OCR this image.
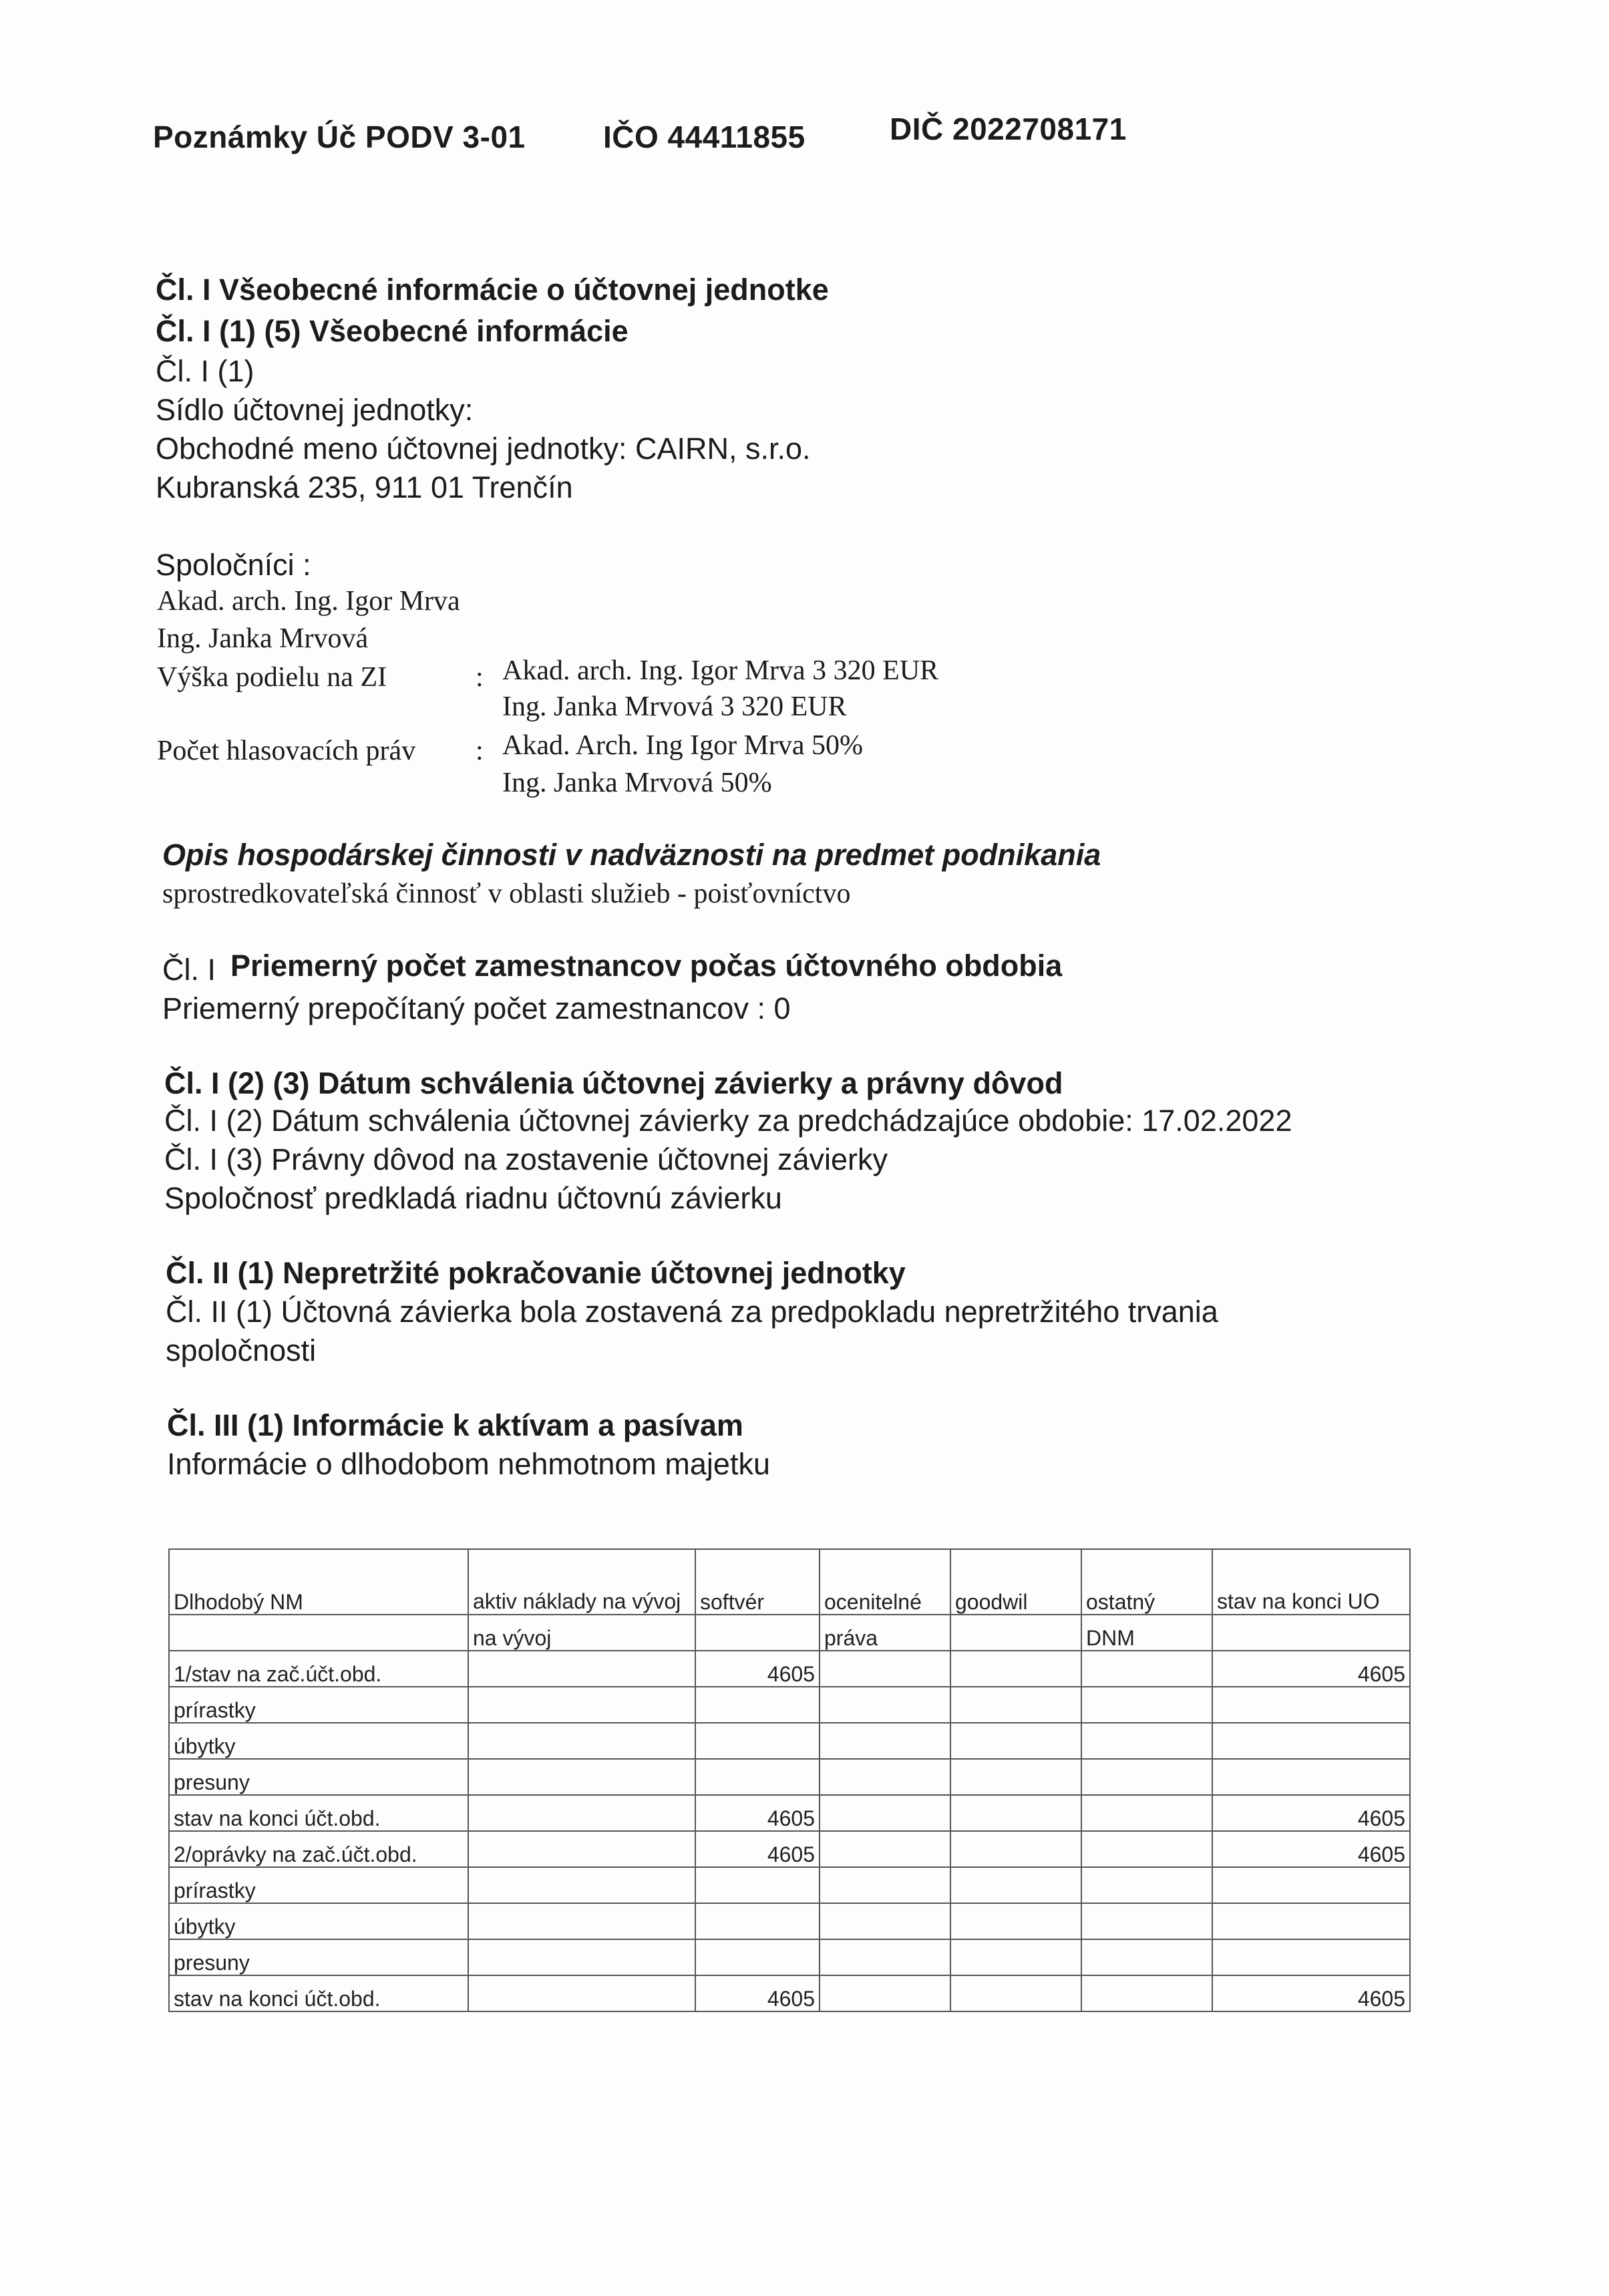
Poznámky Úč PODV 3-01	IČO 44411855	DIČ 2022708171
Čl. I Všeobecné informácie o účtovnej jednotke
Čl. I (1) (5) Všeobecné informácie
Čl. I (1)
Sídlo účtovnej jednotky:
Obchodné meno účtovnej jednotky: CAIRN, s.r.o.
Kubranská 235, 911 01 Trenčín
Spoločníci :
Akad. arch. Ing. Igor Mrva
Ing. Janka Mrvová
Výška podielu na ZI	: Akad. arch. Ing. Igor Mrva 3 320 EUR
Ing. Janka Mrvová 3 320 EUR
Počet hlasovacích práv : Akad. Arch. Ing Igor Mrva 50%
Ing. Janka Mrvová 50%
Opis hospodárskej činnosti v nadväznosti na predmet podnikania
sprostredkovateľská činnosť v oblasti služieb - poisťovníctvo
Čl. I Priemerný počet zamestnancov počas účtovného obdobia
Priemerný prepočítaný počet zamestnancov : 0
Čl. I (2) (3) Dátum schválenia účtovnej závierky a právny dôvod
Čl. I (2) Dátum schválenia účtovnej závierky za predchádzajúce obdobie: 17.02.2022
Čl. I (3) Právny dôvod na zostavenie účtovnej závierky
Spoločnosť predkladá riadnu účtovnú závierku
Čl. II (1) Nepretržité pokračovanie účtovnej jednotky
Čl. II (1) Účtovná závierka bola zostavená za predpokladu nepretržitého trvania
spoločnosti
Čl. III (1) Informácie k aktívam a pasívam
Informácie o dlhodobom nehmotnom majetku
Dlhodobý NM	aktiv náklady na vývoj	softvér	ocenitelné	goodwil	ostatný	stav na konci UO
	na vývoj		práva		DNM	
1/stav na zač.účt.obd.		4605				4605
prírastky						
úbytky						
presuny						
stav na konci účt.obd.		4605				4605
2/oprávky na zač.účt.obd.		4605				4605
prírastky						
úbytky						
presuny						
stav na konci účt.obd.		4605				4605
